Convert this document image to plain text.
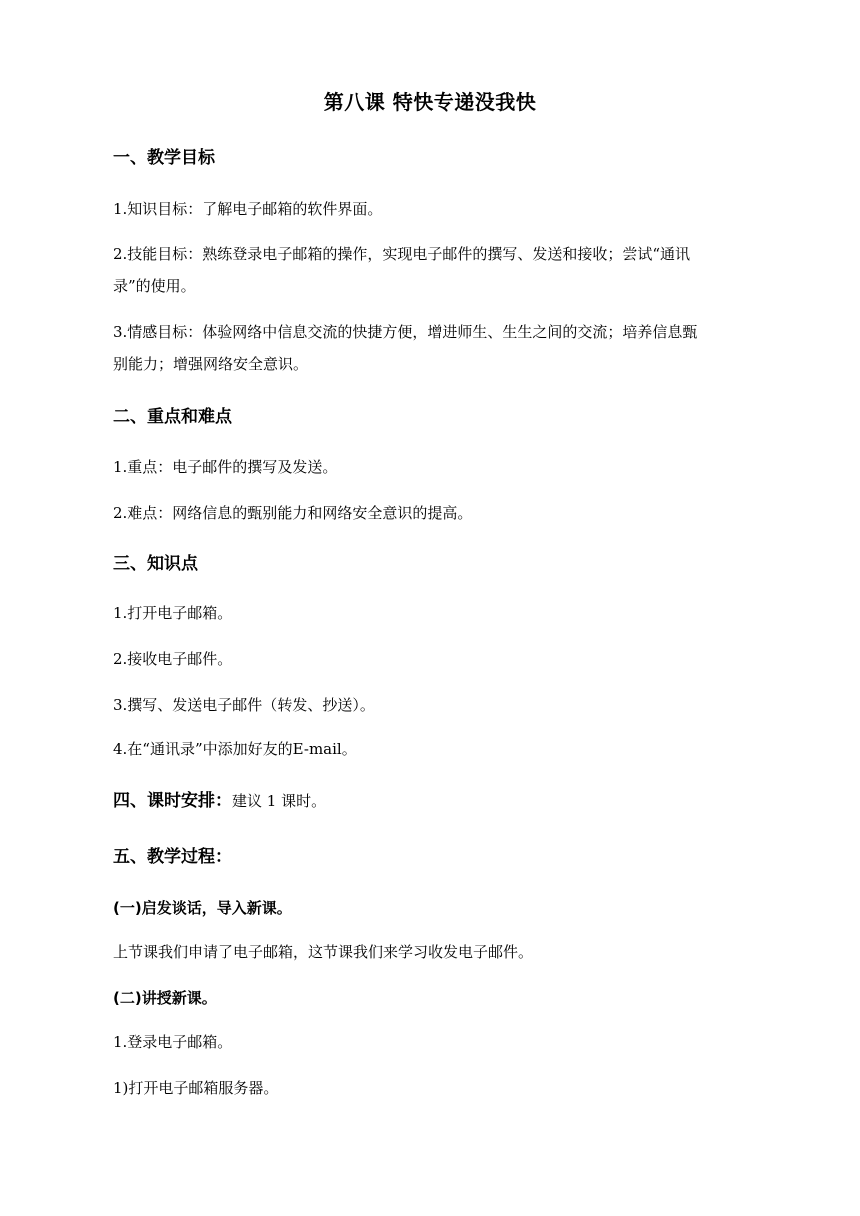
第八课 特快专递没我快
一、教学目标
1.知识目标：了解电子邮箱的软件界面。
2.技能目标：熟练登录电子邮箱的操作，实现电子邮件的撰写、发送和接收；尝试“通讯
录”的使用。
3.情感目标：体验网络中信息交流的快捷方便，增进师生、生生之间的交流；培养信息甄
别能力；增强网络安全意识。
二、重点和难点
1.重点：电子邮件的撰写及发送。
2.难点：网络信息的甄别能力和网络安全意识的提高。
三、知识点
1.打开电子邮箱。
2.接收电子邮件。
3.撰写、发送电子邮件（转发、抄送）。
4.在“通讯录”中添加好友的E-mail。
四、课时安排：建议 1 课时。
五、教学过程：
(一)启发谈话，导入新课。
上节课我们申请了电子邮箱，这节课我们来学习收发电子邮件。
(二)讲授新课。
1.登录电子邮箱。
1)打开电子邮箱服务器。
